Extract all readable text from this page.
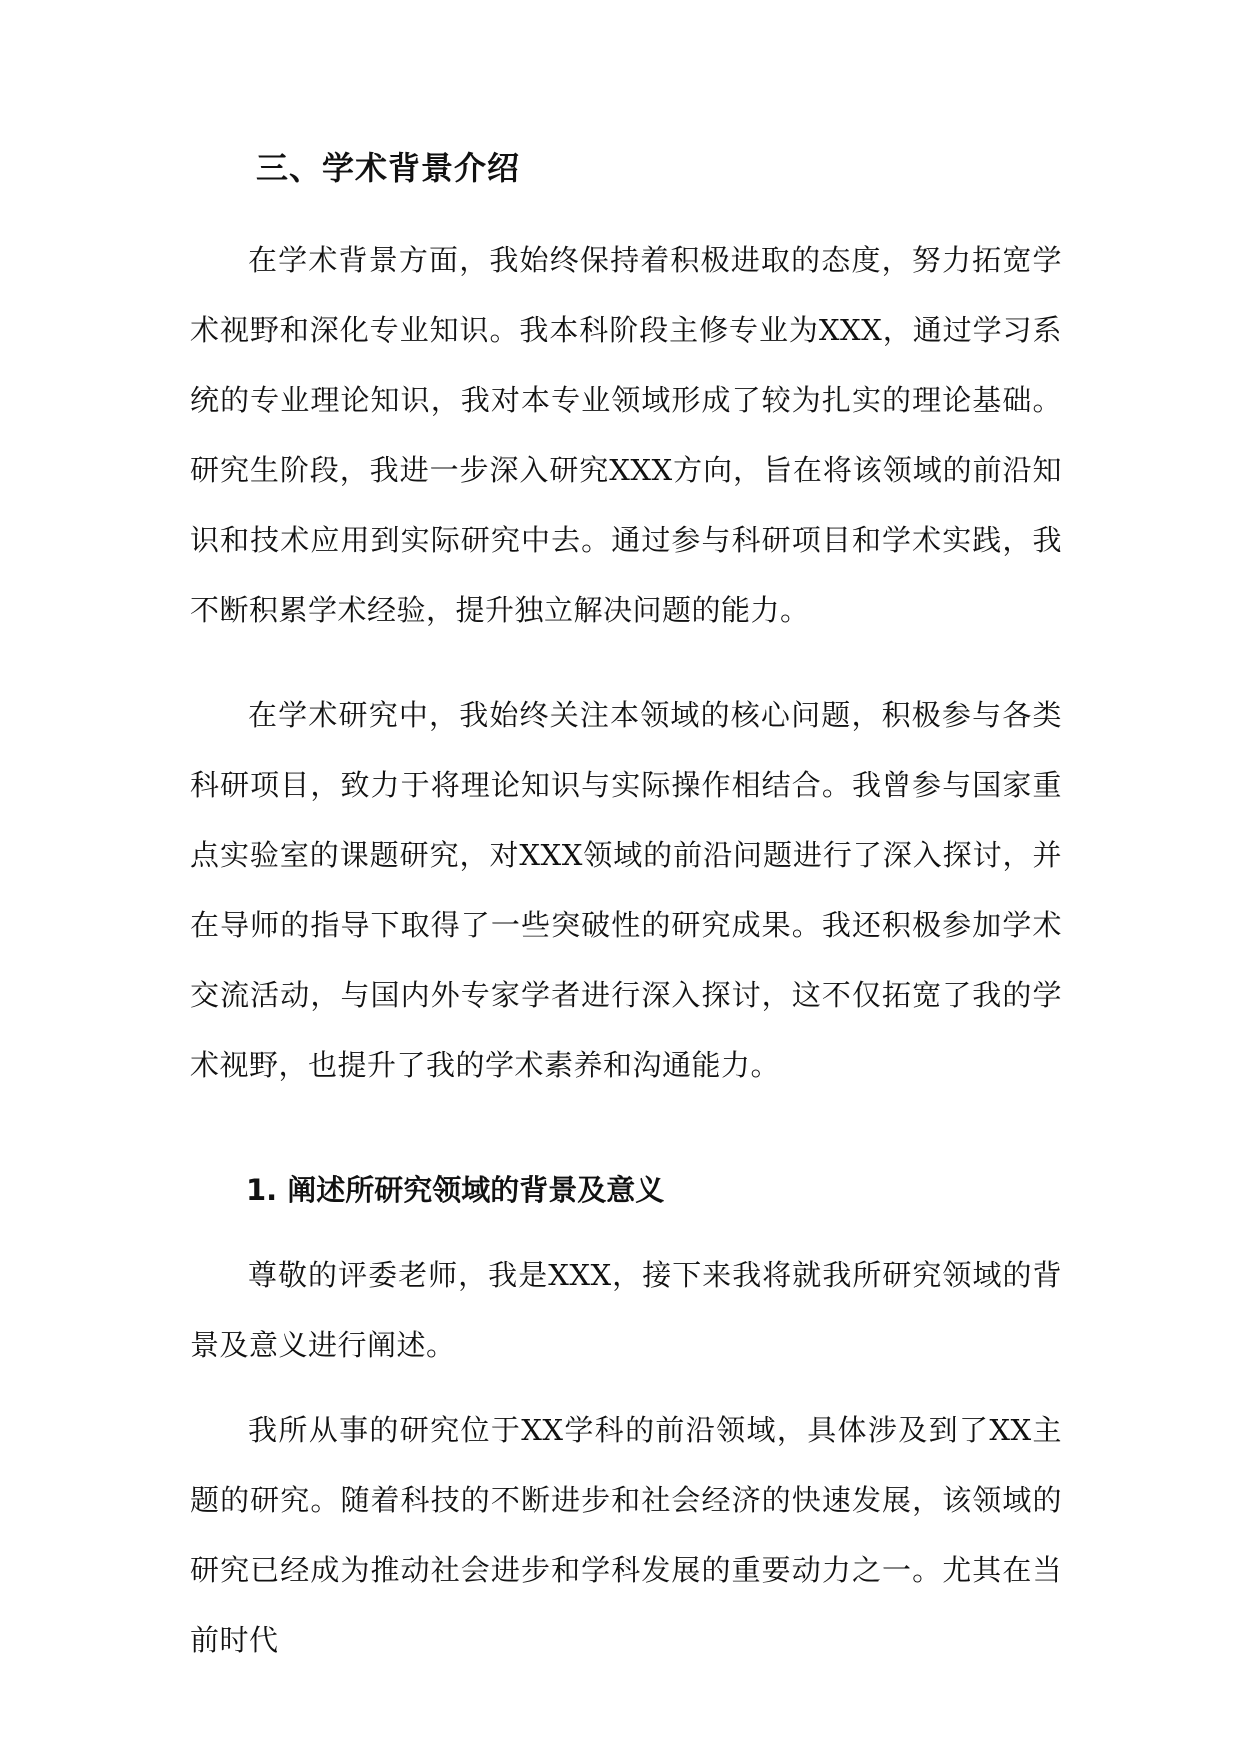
三、学术背景介绍

在学术背景方面，我始终保持着积极进取的态度，努力拓宽学术视野和深化专业知识。我本科阶段主修专业为XXX，通过学习系统的专业理论知识，我对本专业领域形成了较为扎实的理论基础。研究生阶段，我进一步深入研究XXX方向，旨在将该领域的前沿知识和技术应用到实际研究中去。通过参与科研项目和学术实践，我不断积累学术经验，提升独立解决问题的能力。

在学术研究中，我始终关注本领域的核心问题，积极参与各类科研项目，致力于将理论知识与实际操作相结合。我曾参与国家重点实验室的课题研究，对XXX领域的前沿问题进行了深入探讨，并在导师的指导下取得了一些突破性的研究成果。我还积极参加学术交流活动，与国内外专家学者进行深入探讨，这不仅拓宽了我的学术视野，也提升了我的学术素养和沟通能力。

1. 阐述所研究领域的背景及意义

尊敬的评委老师，我是XXX，接下来我将就我所研究领域的背景及意义进行阐述。

我所从事的研究位于XX学科的前沿领域，具体涉及到了XX主题的研究。随着科技的不断进步和社会经济的快速发展，该领域的研究已经成为推动社会进步和学科发展的重要动力之一。尤其在当前时代
